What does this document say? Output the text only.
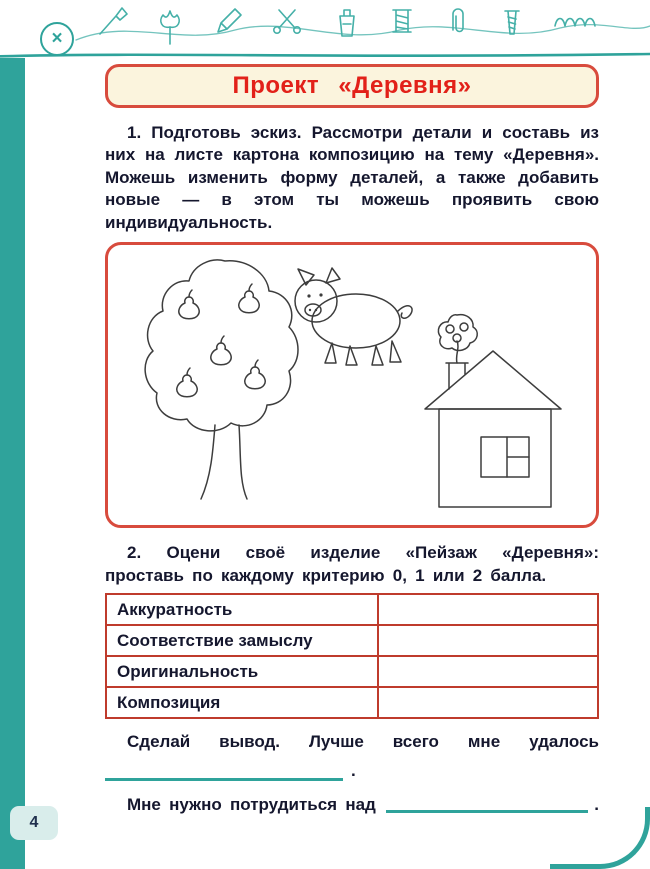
×
Проект «Деревня»

1. Подготовь эскиз. Рассмотри детали и составь из них на листе картона композицию на тему «Деревня». Можешь изменить форму деталей, а также добавить новые — в этом ты можешь проявить свою индивидуальность.

2. Оцени своё изделие «Пейзаж «Деревня»: проставь по каждому критерию 0, 1 или 2 балла.

Аккуратность
Соответствие замыслу
Оригинальность
Композиция

Сделай вывод. Лучше всего мне удалось

.

Мне нужно потрудиться над	.

4
